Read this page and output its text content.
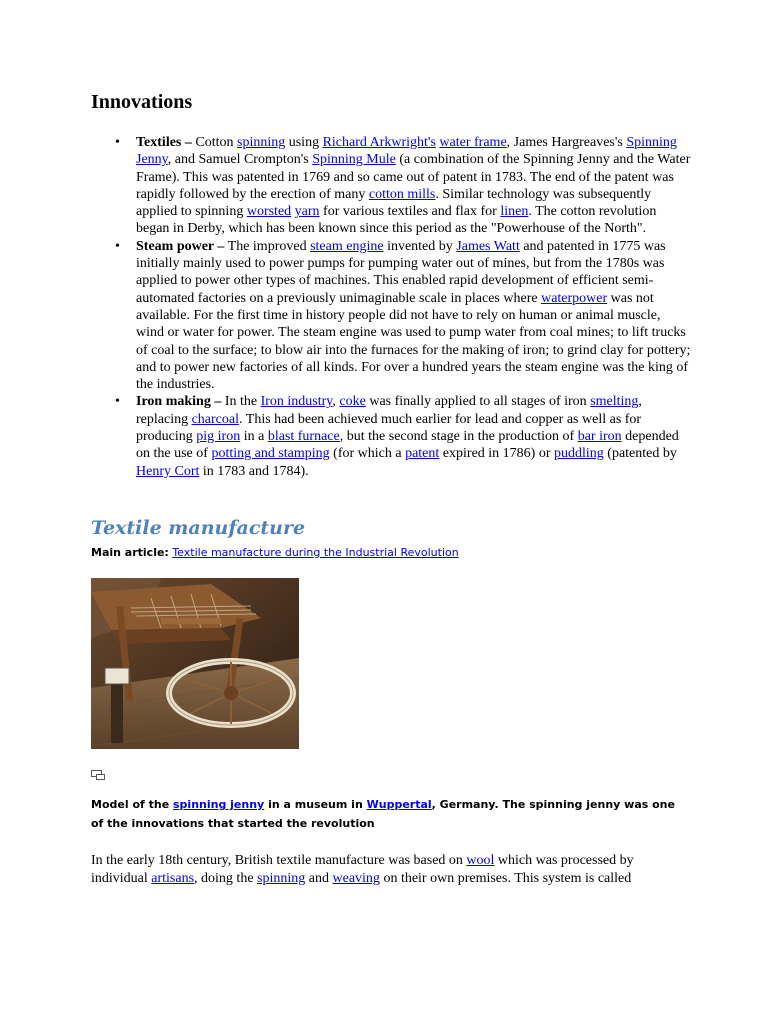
Innovations
• Textiles – Cotton spinning using Richard Arkwright's water frame, James Hargreaves's Spinning Jenny, and Samuel Crompton's Spinning Mule (a combination of the Spinning Jenny and the Water Frame). This was patented in 1769 and so came out of patent in 1783. The end of the patent was rapidly followed by the erection of many cotton mills. Similar technology was subsequently applied to spinning worsted yarn for various textiles and flax for linen. The cotton revolution began in Derby, which has been known since this period as the "Powerhouse of the North".
• Steam power – The improved steam engine invented by James Watt and patented in 1775 was initially mainly used to power pumps for pumping water out of mines, but from the 1780s was applied to power other types of machines. This enabled rapid development of efficient semi-automated factories on a previously unimaginable scale in places where waterpower was not available. For the first time in history people did not have to rely on human or animal muscle, wind or water for power. The steam engine was used to pump water from coal mines; to lift trucks of coal to the surface; to blow air into the furnaces for the making of iron; to grind clay for pottery; and to power new factories of all kinds. For over a hundred years the steam engine was the king of the industries.
• Iron making – In the Iron industry, coke was finally applied to all stages of iron smelting, replacing charcoal. This had been achieved much earlier for lead and copper as well as for producing pig iron in a blast furnace, but the second stage in the production of bar iron depended on the use of potting and stamping (for which a patent expired in 1786) or puddling (patented by Henry Cort in 1783 and 1784).
Textile manufacture
Main article: Textile manufacture during the Industrial Revolution
Model of the spinning jenny in a museum in Wuppertal, Germany. The spinning jenny was one of the innovations that started the revolution
In the early 18th century, British textile manufacture was based on wool which was processed by individual artisans, doing the spinning and weaving on their own premises. This system is called
